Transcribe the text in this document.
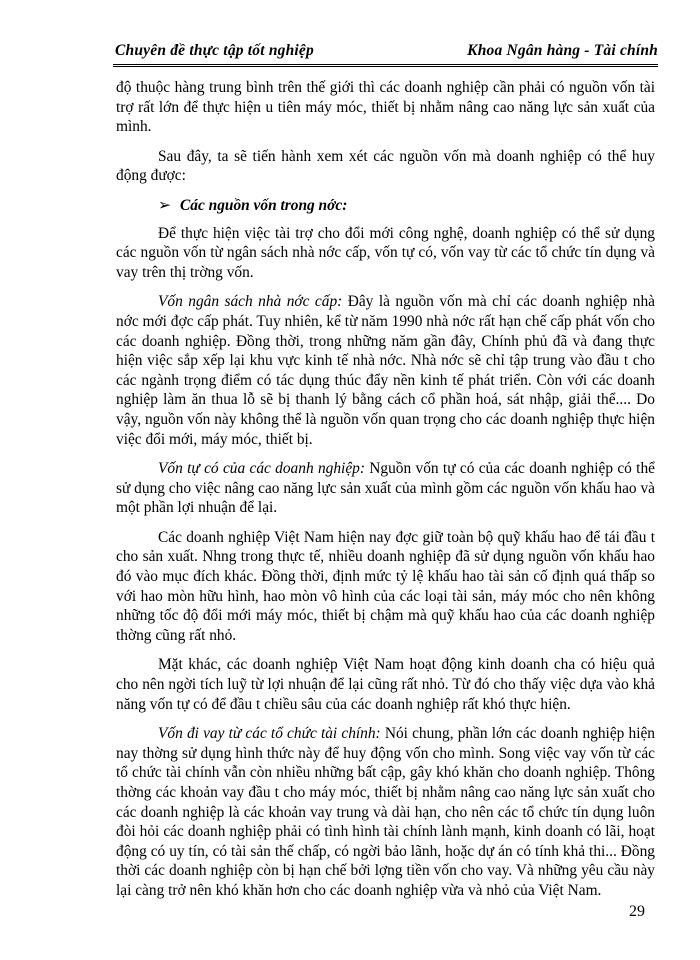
Chuyên đề thực tập tốt nghiệp	Khoa Ngân hàng - Tài chính

độ thuộc hàng trung bình trên thế giới thì các doanh nghiệp cần phải có nguồn vốn tài trợ rất lớn để thực hiện u tiên máy móc, thiết bị nhằm nâng cao năng lực sản xuất của mình.

Sau đây, ta sẽ tiến hành xem xét các nguồn vốn mà doanh nghiệp có thể huy động được:

➢ Các nguồn vốn trong nớc:

Để thực hiện việc tài trợ cho đổi mới công nghệ, doanh nghiệp có thể sử dụng các nguồn vốn từ ngân sách nhà nớc cấp, vốn tự có, vốn vay từ các tổ chức tín dụng và vay trên thị trờng vốn.

Vốn ngân sách nhà nớc cấp: Đây là nguồn vốn mà chỉ các doanh nghiệp nhà nớc mới đợc cấp phát. Tuy nhiên, kể từ năm 1990 nhà nớc rất hạn chế cấp phát vốn cho các doanh nghiệp. Đồng thời, trong những năm gần đây, Chính phủ đã và đang thực hiện việc sắp xếp lại khu vực kinh tế nhà nớc. Nhà nớc sẽ chỉ tập trung vào đầu t cho các ngành trọng điểm có tác dụng thúc đẩy nền kinh tế phát triển. Còn với các doanh nghiệp làm ăn thua lỗ sẽ bị thanh lý bằng cách cổ phần hoá, sát nhập, giải thể.... Do vậy, nguồn vốn này không thể là nguồn vốn quan trọng cho các doanh nghiệp thực hiện việc đổi mới, máy móc, thiết bị.

Vốn tự có của các doanh nghiệp: Nguồn vốn tự có của các doanh nghiệp có thể sử dụng cho việc nâng cao năng lực sản xuất của mình gồm các nguồn vốn khấu hao và một phần lợi nhuận để lại.

Các doanh nghiệp Việt Nam hiện nay đợc giữ toàn bộ quỹ khấu hao để tái đầu t cho sản xuất. Nhng trong thực tế, nhiều doanh nghiệp đã sử dụng nguồn vốn khấu hao đó vào mục đích khác. Đồng thời, định mức tỷ lệ khấu hao tài sản cố định quá thấp so với hao mòn hữu hình, hao mòn vô hình của các loại tài sản, máy móc cho nên không những tốc độ đổi mới máy móc, thiết bị chậm mà quỹ khấu hao của các doanh nghiệp thờng cũng rất nhỏ.

Mặt khác, các doanh nghiệp Việt Nam hoạt động kinh doanh cha có hiệu quả cho nên ngời tích luỹ từ lợi nhuận để lại cũng rất nhỏ. Từ đó cho thấy việc dựa vào khả năng vốn tự có để đầu t chiều sâu của các doanh nghiệp rất khó thực hiện.

Vốn đi vay từ các tổ chức tài chính: Nói chung, phần lớn các doanh nghiệp hiện nay thờng sử dụng hình thức này để huy động vốn cho mình. Song việc vay vốn từ các tổ chức tài chính vẫn còn nhiều những bất cập, gây khó khăn cho doanh nghiệp. Thông thờng các khoản vay đầu t cho máy móc, thiết bị nhằm nâng cao năng lực sản xuất cho các doanh nghiệp là các khoản vay trung và dài hạn, cho nên các tổ chức tín dụng luôn đòi hỏi các doanh nghiệp phải có tình hình tài chính lành mạnh, kinh doanh có lãi, hoạt động có uy tín, có tài sản thế chấp, có ngời bảo lãnh, hoặc dự án có tính khả thi... Đồng thời các doanh nghiệp còn bị hạn chế bởi lợng tiền vốn cho vay. Và những yêu cầu này lại càng trở nên khó khăn hơn cho các doanh nghiệp vừa và nhỏ của Việt Nam.

29
